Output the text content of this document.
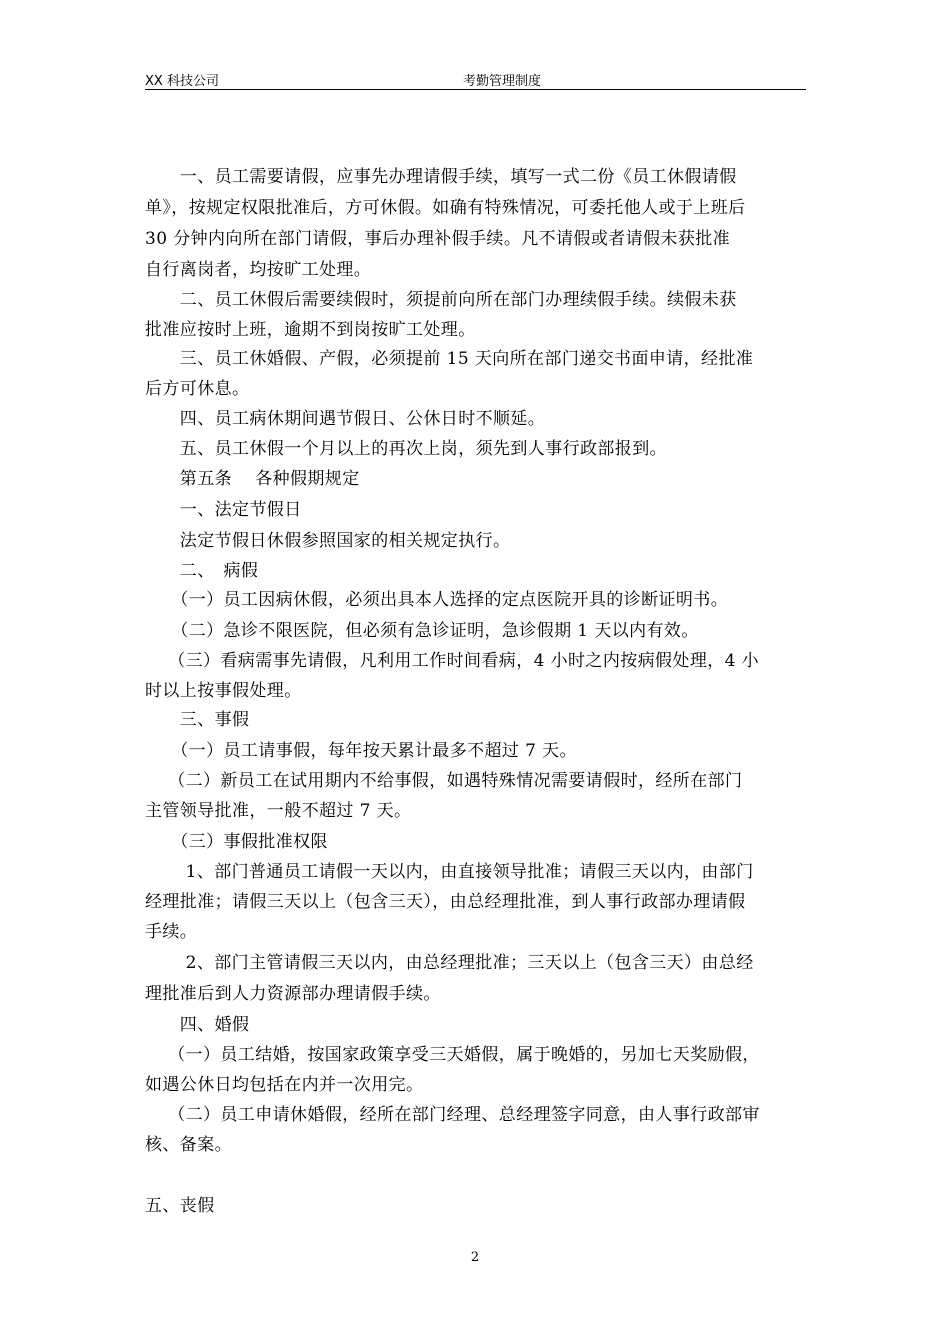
XX 科技公司	考勤管理制度
　　一、员工需要请假，应事先办理请假手续，填写一式二份《员工休假请假
单》，按规定权限批准后，方可休假。如确有特殊情况，可委托他人或于上班后
30 分钟内向所在部门请假，事后办理补假手续。凡不请假或者请假未获批准
自行离岗者，均按旷工处理。
　　二、员工休假后需要续假时，须提前向所在部门办理续假手续。续假未获
批准应按时上班，逾期不到岗按旷工处理。
　　三、员工休婚假、产假，必须提前 15 天向所在部门递交书面申请，经批准
后方可休息。
　　四、员工病休期间遇节假日、公休日时不顺延。
　　五、员工休假一个月以上的再次上岗，须先到人事行政部报到。
　　第五条　 各种假期规定
　　一、法定节假日
　　法定节假日休假参照国家的相关规定执行。
　　二、　病假
　　（一）员工因病休假，必须出具本人选择的定点医院开具的诊断证明书。
　　（二）急诊不限医院，但必须有急诊证明，急诊假期 1 天以内有效。
　 （三）看病需事先请假，凡利用工作时间看病，4 小时之内按病假处理，4 小
时以上按事假处理。
　　三、事假
　　（一）员工请事假，每年按天累计最多不超过 7 天。
　 （二）新员工在试用期内不给事假，如遇特殊情况需要请假时，经所在部门
主管领导批准，一般不超过 7 天。
　　（三）事假批准权限
　　 1、部门普通员工请假一天以内，由直接领导批准；请假三天以内，由部门
经理批准；请假三天以上（包含三天），由总经理批准，到人事行政部办理请假
手续。
　　 2、部门主管请假三天以内，由总经理批准；三天以上（包含三天）由总经
理批准后到人力资源部办理请假手续。
　　四、婚假
　 （一）员工结婚，按国家政策享受三天婚假，属于晚婚的，另加七天奖励假，
如遇公休日均包括在内并一次用完。
　 （二）员工申请休婚假，经所在部门经理、总经理签字同意，由人事行政部审
核、备案。
五、丧假
2
